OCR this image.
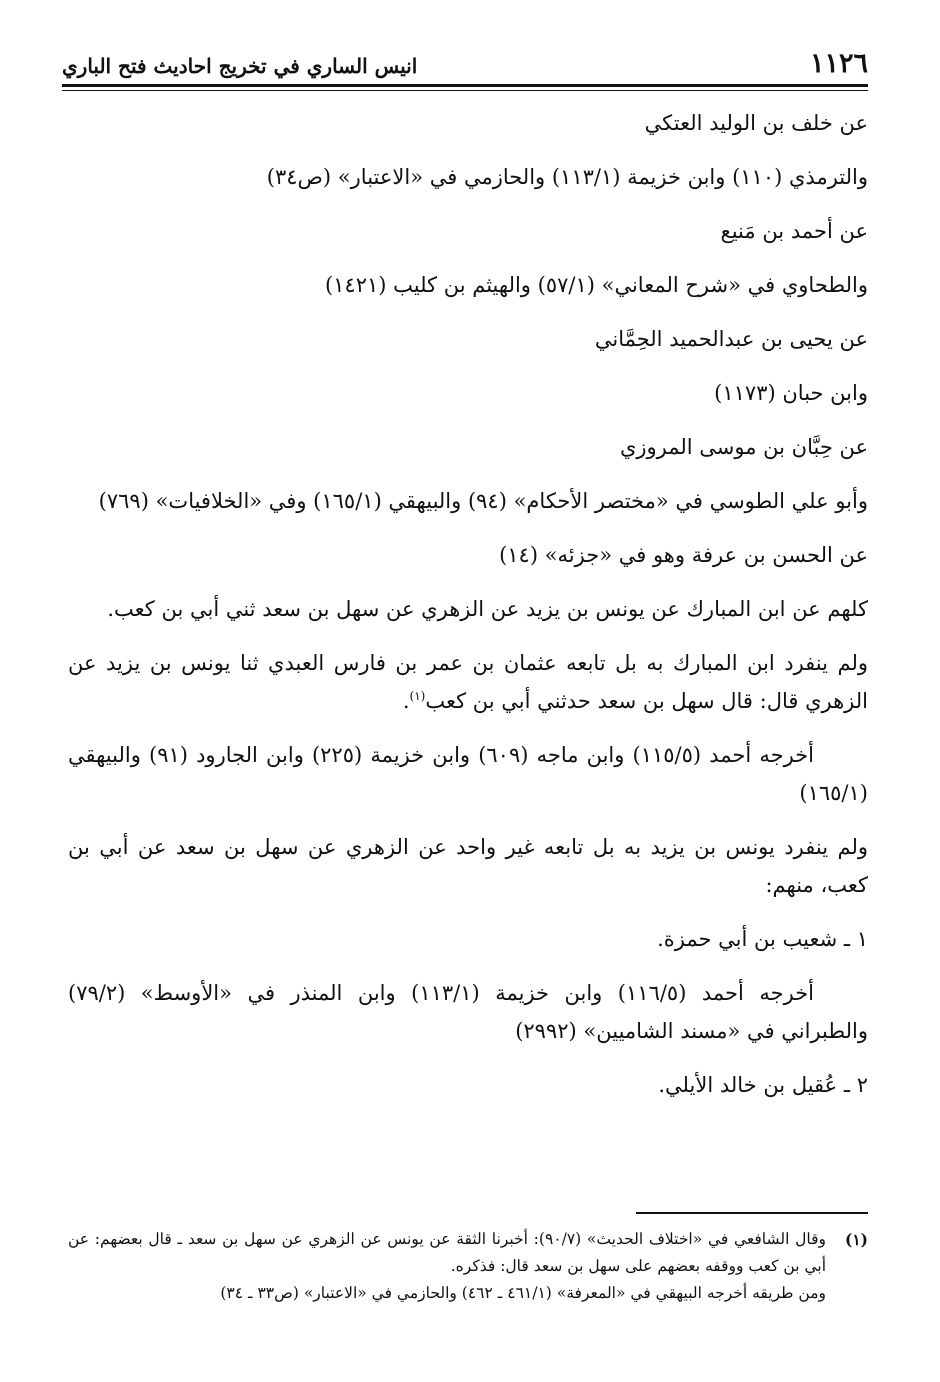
١١٢٦
انيس الساري في تخريج احاديث فتح الباري

عن خلف بن الوليد العتكي

والترمذي (١١٠) وابن خزيمة (١١٣/١) والحازمي في «الاعتبار» (ص٣٤)

عن أحمد بن مَنيع

والطحاوي في «شرح المعاني» (٥٧/١) والهيثم بن كليب (١٤٢١)

عن يحيى بن عبدالحميد الحِمَّاني

وابن حبان (١١٧٣)

عن حِبَّان بن موسى المروزي

وأبو علي الطوسي في «مختصر الأحكام» (٩٤) والبيهقي (١٦٥/١) وفي «الخلافيات» (٧٦٩)

عن الحسن بن عرفة وهو في «جزئه» (١٤)

كلهم عن ابن المبارك عن يونس بن يزيد عن الزهري عن سهل بن سعد ثني أبي بن كعب.

ولم ينفرد ابن المبارك به بل تابعه عثمان بن عمر بن فارس العبدي ثنا يونس بن يزيد عن الزهري قال: قال سهل بن سعد حدثني أبي بن كعب$^{(١)}$.

أخرجه أحمد (١١٥/٥) وابن ماجه (٦٠٩) وابن خزيمة (٢٢٥) وابن الجارود (٩١) والبيهقي (١٦٥/١)

ولم ينفرد يونس بن يزيد به بل تابعه غير واحد عن الزهري عن سهل بن سعد عن أبي بن كعب، منهم:

١ ـ شعيب بن أبي حمزة.

أخرجه أحمد (١١٦/٥) وابن خزيمة (١١٣/١) وابن المنذر في «الأوسط» (٧٩/٢) والطبراني في «مسند الشاميين» (٢٩٩٢)

٢ ـ عُقيل بن خالد الأيلي.

(١)
وقال الشافعي في «اختلاف الحديث» (٩٠/٧): أخبرنا الثقة عن يونس عن الزهري عن سهل بن سعد ـ قال بعضهم: عن أبي بن كعب ووقفه بعضهم على سهل بن سعد قال: فذكره.
ومن طريقه أخرجه البيهقي في «المعرفة» (٤٦١/١ ـ ٤٦٢) والحازمي في «الاعتبار» (ص٣٣ ـ ٣٤)
